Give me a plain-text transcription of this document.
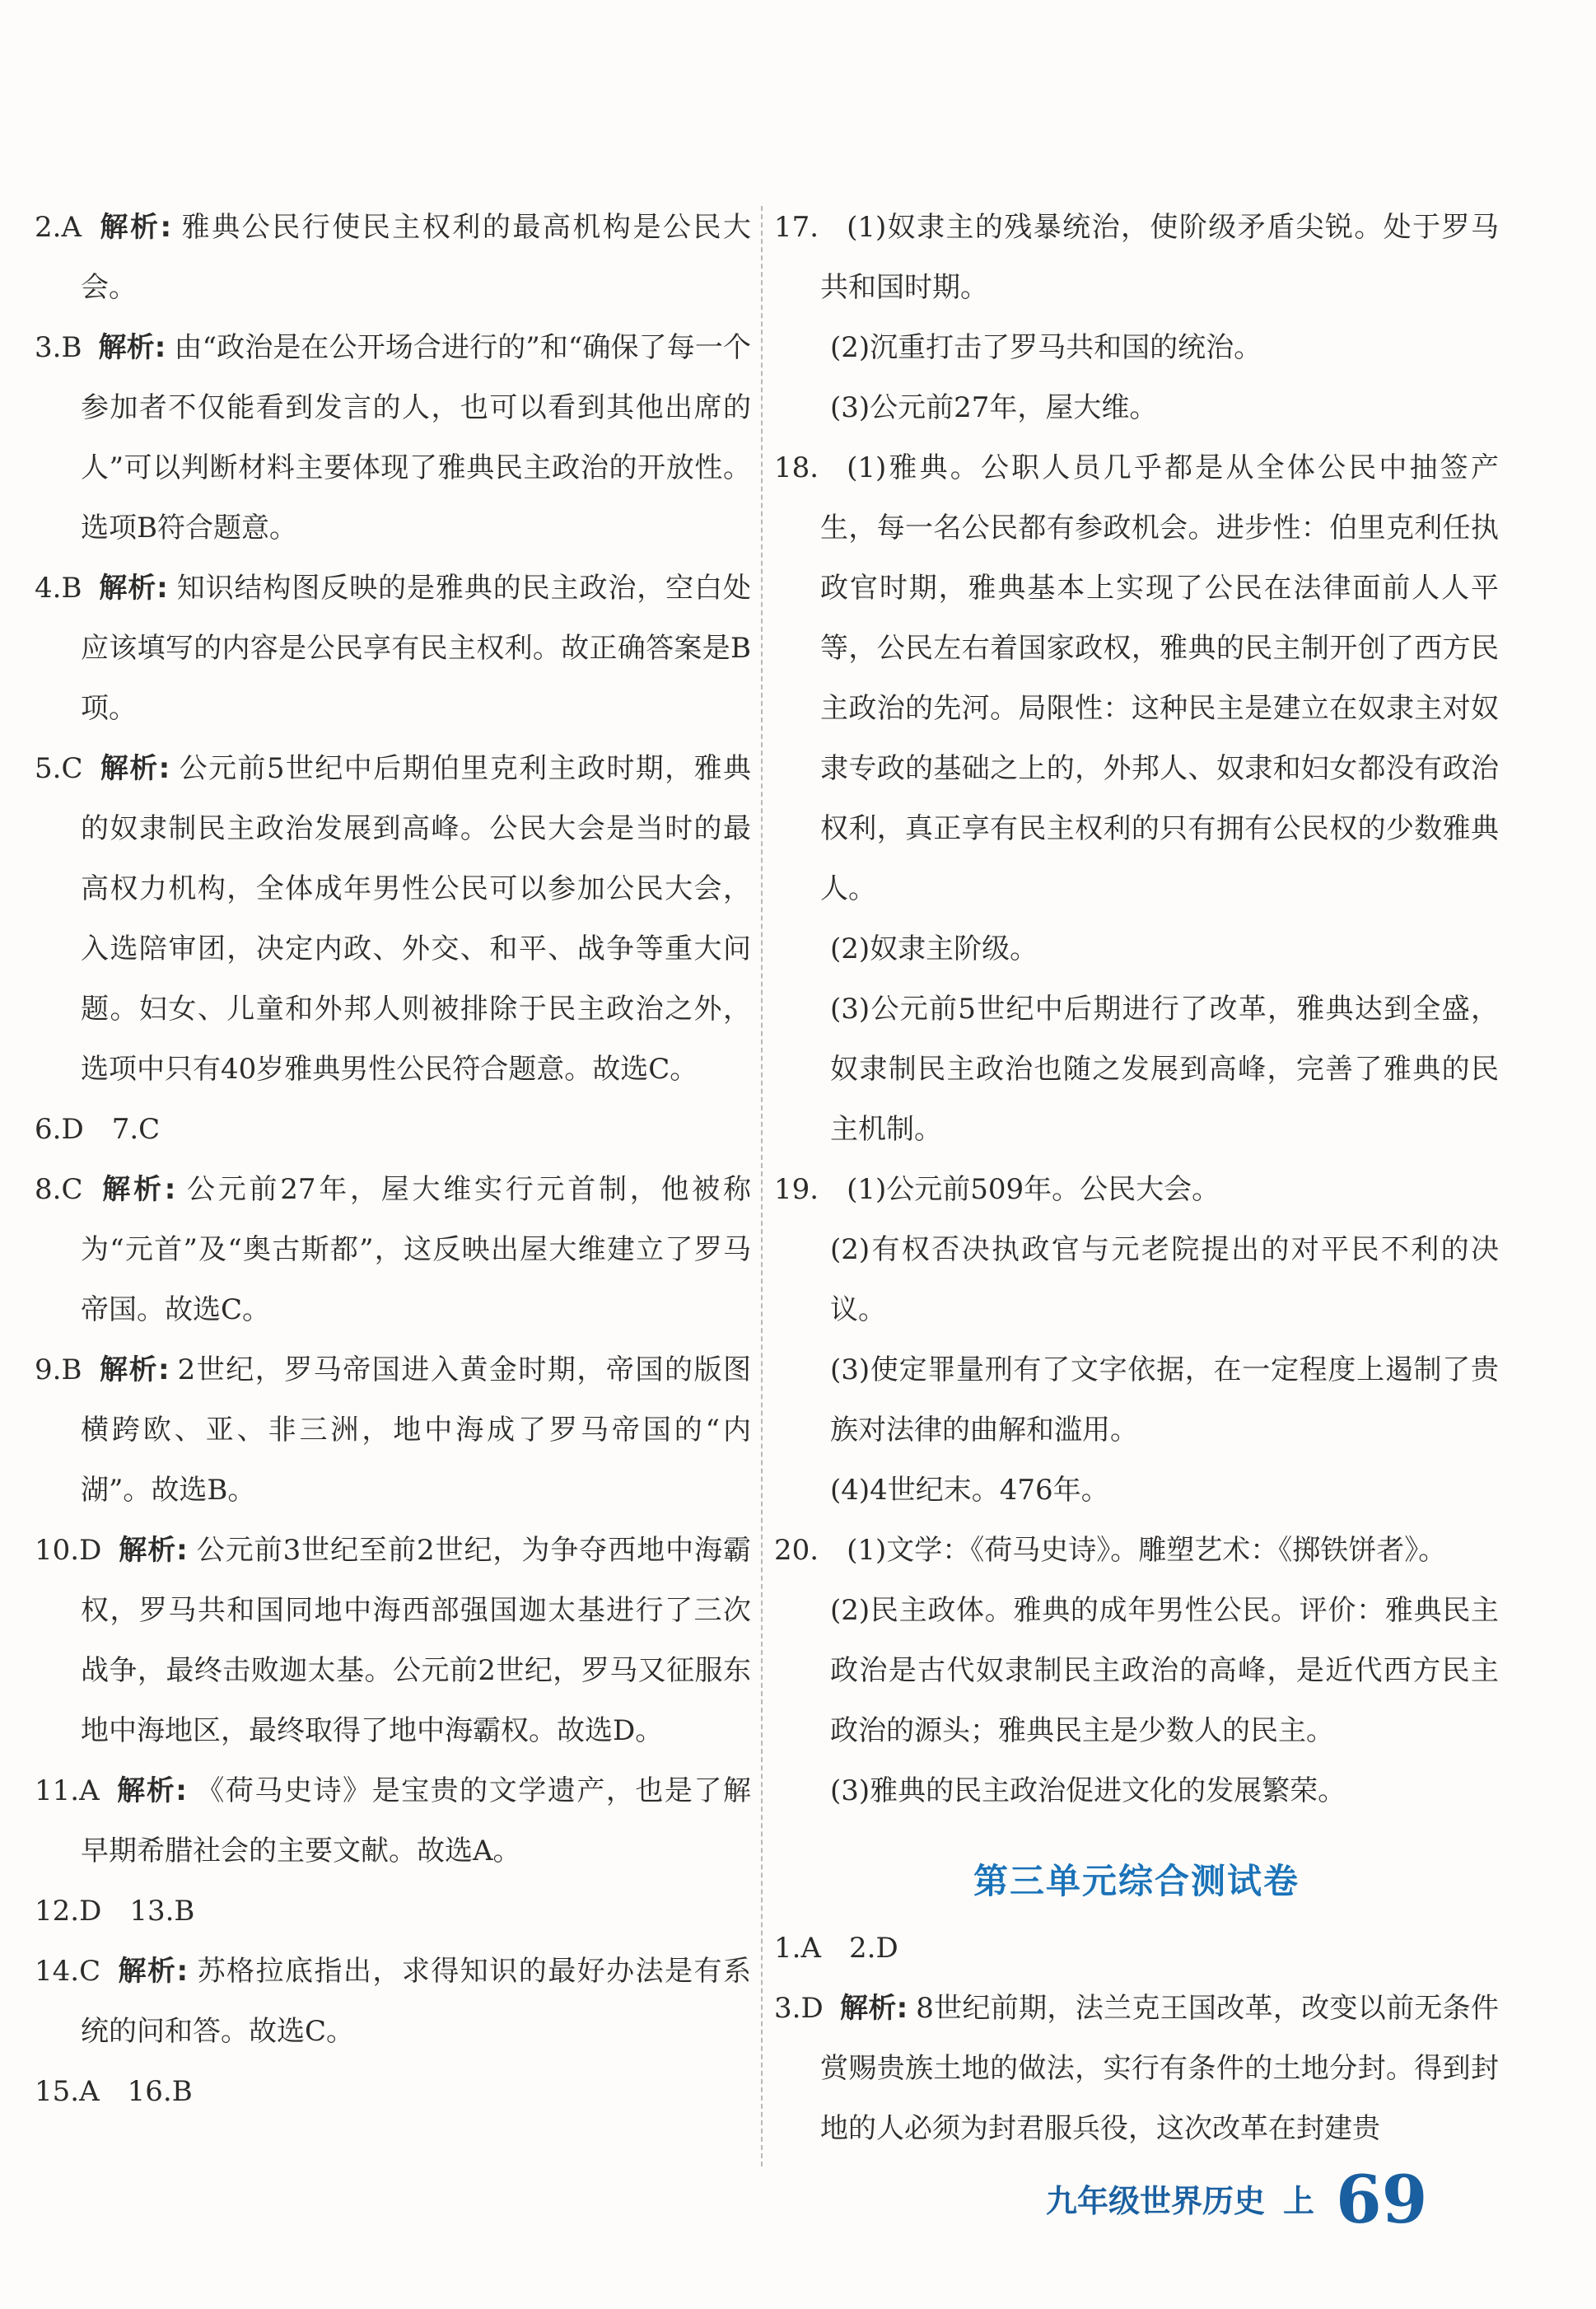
2.A 解析: 雅典公民行使民主权利的最高机构是公民大会。

3.B 解析: 由“政治是在公开场合进行的”和“确保了每一个参加者不仅能看到发言的人，也可以看到其他出席的人”可以判断材料主要体现了雅典民主政治的开放性。选项B符合题意。

4.B 解析: 知识结构图反映的是雅典的民主政治，空白处应该填写的内容是公民享有民主权利。故正确答案是B项。

5.C 解析: 公元前5世纪中后期伯里克利主政时期，雅典的奴隶制民主政治发展到高峰。公民大会是当时的最高权力机构，全体成年男性公民可以参加公民大会，入选陪审团，决定内政、外交、和平、战争等重大问题。妇女、儿童和外邦人则被排除于民主政治之外，选项中只有40岁雅典男性公民符合题意。故选C。

6.D  7.C

8.C 解析: 公元前27年，屋大维实行元首制，他被称为“元首”及“奥古斯都”，这反映出屋大维建立了罗马帝国。故选C。

9.B 解析: 2世纪，罗马帝国进入黄金时期，帝国的版图横跨欧、亚、非三洲，地中海成了罗马帝国的“内湖”。故选B。

10.D 解析: 公元前3世纪至前2世纪，为争夺西地中海霸权，罗马共和国同地中海西部强国迦太基进行了三次战争，最终击败迦太基。公元前2世纪，罗马又征服东地中海地区，最终取得了地中海霸权。故选D。

11.A 解析: 《荷马史诗》是宝贵的文学遗产，也是了解早期希腊社会的主要文献。故选A。

12.D  13.B

14.C 解析: 苏格拉底指出，求得知识的最好办法是有系统的问和答。故选C。

15.A  16.B

17.  (1)奴隶主的残暴统治，使阶级矛盾尖锐。处于罗马共和国时期。

(2)沉重打击了罗马共和国的统治。

(3)公元前27年，屋大维。

18.  (1)雅典。公职人员几乎都是从全体公民中抽签产生，每一名公民都有参政机会。进步性：伯里克利任执政官时期，雅典基本上实现了公民在法律面前人人平等，公民左右着国家政权，雅典的民主制开创了西方民主政治的先河。局限性：这种民主是建立在奴隶主对奴隶专政的基础之上的，外邦人、奴隶和妇女都没有政治权利，真正享有民主权利的只有拥有公民权的少数雅典人。

(2)奴隶主阶级。

(3)公元前5世纪中后期进行了改革，雅典达到全盛，奴隶制民主政治也随之发展到高峰，完善了雅典的民主机制。

19.  (1)公元前509年。公民大会。

(2)有权否决执政官与元老院提出的对平民不利的决议。

(3)使定罪量刑有了文字依据，在一定程度上遏制了贵族对法律的曲解和滥用。

(4)4世纪末。476年。

20.  (1)文学：《荷马史诗》。雕塑艺术：《掷铁饼者》。

(2)民主政体。雅典的成年男性公民。评价：雅典民主政治是古代奴隶制民主政治的高峰，是近代西方民主政治的源头；雅典民主是少数人的民主。

(3)雅典的民主政治促进文化的发展繁荣。

第三单元综合测试卷

1.A  2.D

3.D 解析: 8世纪前期，法兰克王国改革，改变以前无条件赏赐贵族土地的做法，实行有条件的土地分封。得到封地的人必须为封君服兵役，这次改革在封建贵

九年级世界历史 上 69
